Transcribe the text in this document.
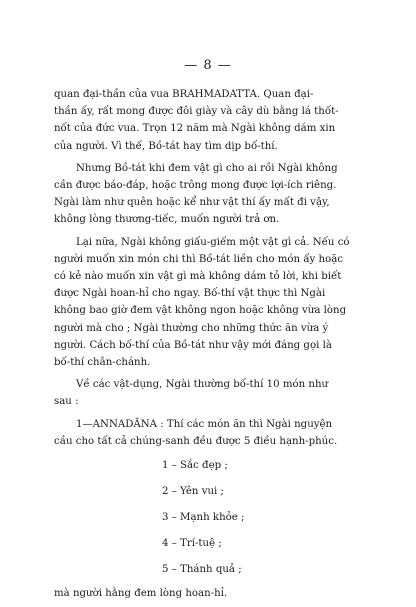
— 8 —

quan đại-thần của vua BRAHMADATTA. Quan đại-
thần ấy, rất mong được đôi giày và cây dù bằng lá thốt-
nốt của đức vua. Trọn 12 năm mà Ngài không dám xin
của người. Vì thế, Bồ-tát hay tìm dịp bố-thí.

Nhưng Bồ-tát khi đem vật gì cho ai rồi Ngài không
cần được báo-đáp, hoặc trông mong được lợi-ích riêng.
Ngài làm như quên hoặc kể như vật thí ấy mất đi vậy,
không lòng thương-tiếc, muốn người trả ơn.

Lại nữa, Ngài không giấu-giếm một vật gì cả. Nếu có
người muốn xin món chi thì Bồ-tát liền cho món ấy hoặc
có kẻ nào muốn xin vật gì mà không dám tỏ lời, khi biết
được Ngài hoan-hỉ cho ngay. Bố-thí vật thực thì Ngài
không bao giờ đem vật không ngon hoặc không vừa lòng
người mà cho ; Ngài thường cho những thức ăn vừa ý
người. Cách bố-thí của Bồ-tát như vậy mới đáng gọi là
bố-thí chân-chánh.

Về các vật-dụng, Ngài thường bố-thí 10 món như
sau :

1—ANNADĀNA : Thí các món ăn thì Ngài nguyện
cầu cho tất cả chúng-sanh đều được 5 điều hạnh-phúc.

1 – Sắc đẹp ;

2 – Yên vui ;

3 – Mạnh khỏe ;

4 – Trí-tuệ ;

5 – Thánh quả ;

mà người hằng đem lòng hoan-hỉ.
